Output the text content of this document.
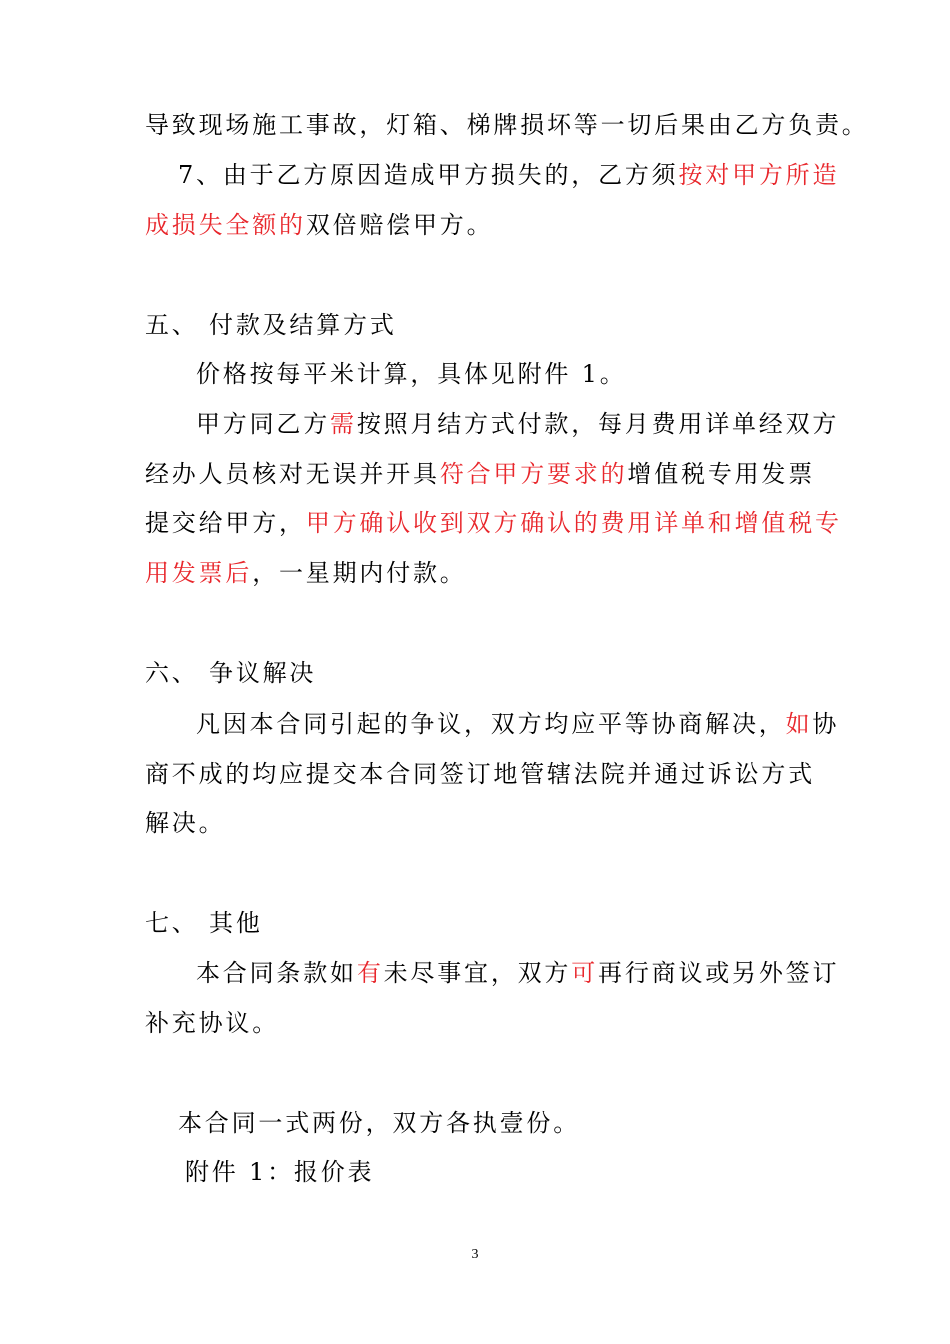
导致现场施工事故，灯箱、梯牌损坏等一切后果由乙方负责。
7、由于乙方原因造成甲方损失的，乙方须按对甲方所造
成损失全额的双倍赔偿甲方。
五、 付款及结算方式
价格按每平米计算，具体见附件 1。
甲方同乙方需按照月结方式付款，每月费用详单经双方
经办人员核对无误并开具符合甲方要求的增值税专用发票
提交给甲方，甲方确认收到双方确认的费用详单和增值税专
用发票后，一星期内付款。
六、 争议解决
凡因本合同引起的争议，双方均应平等协商解决，如协
商不成的均应提交本合同签订地管辖法院并通过诉讼方式
解决。
七、 其他
本合同条款如有未尽事宜，双方可再行商议或另外签订
补充协议。
本合同一式两份，双方各执壹份。
附件 1：报价表
3
